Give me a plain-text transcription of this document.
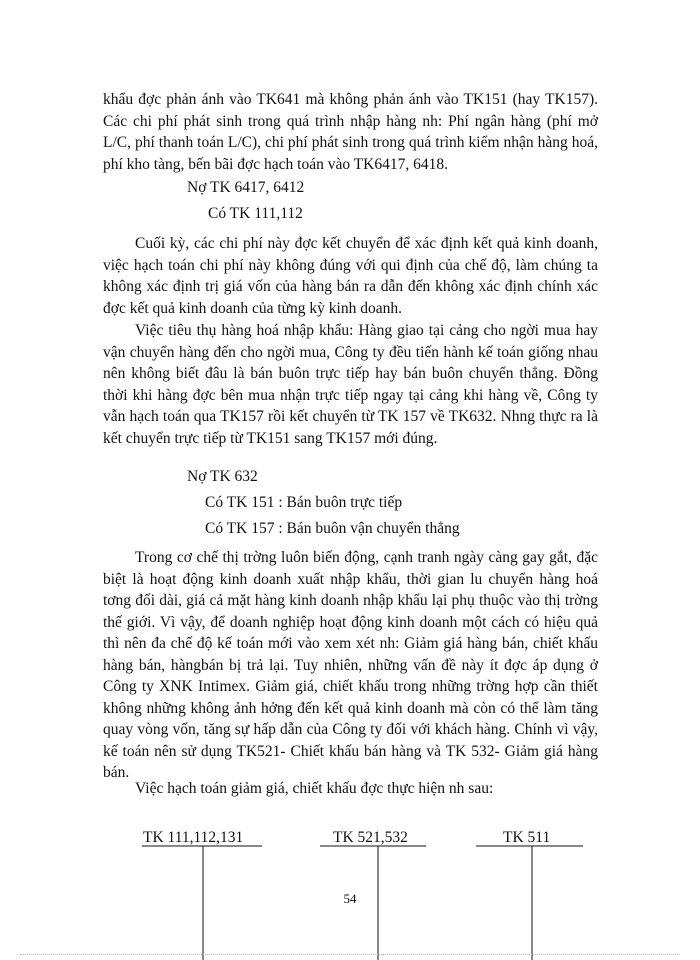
khẩu đợc phản ánh vào TK641 mà không phản ánh vào TK151 (hay TK157). Các chi phí phát sinh trong quá trình nhập hàng nh: Phí ngân hàng (phí mở L/C, phí thanh toán L/C), chi phí phát sinh trong quá trình kiểm nhận hàng hoá, phí kho tàng, bến bãi đợc hạch toán vào TK6417, 6418.

Nợ TK 6417, 6412

Có TK 111,112

Cuối kỳ, các chi phí này đợc kết chuyển để xác định kết quả kinh doanh, việc hạch toán chi phí này không đúng với qui định của chế độ, làm chúng ta không xác định trị giá vốn của hàng bán ra dẫn đến không xác định chính xác đợc kết quả kinh doanh của từng kỳ kinh doanh.

Việc tiêu thụ hàng hoá nhập khẩu: Hàng giao tại cảng cho ngời mua hay vận chuyển hàng đến cho ngời mua, Công ty đều tiến hành kế toán giống nhau nên không biết đâu là bán buôn trực tiếp hay bán buôn chuyển thẳng. Đồng thời khi hàng đợc bên mua nhận trực tiếp ngay tại cảng khi hàng về, Công ty vẫn hạch toán qua TK157 rồi kết chuyển từ TK 157 về TK632. Nhng thực ra là kết chuyển trực tiếp từ TK151 sang TK157 mới đúng.

Nợ TK 632

Có TK 151 : Bán buôn trực tiếp

Có TK 157 : Bán buôn vận chuyển thẳng

Trong cơ chế thị trờng luôn biến động, cạnh tranh ngày càng gay gắt, đặc biệt là hoạt động kinh doanh xuất nhập khẩu, thời gian lu chuyển hàng hoá tơng đối dài, giá cả mặt hàng kinh doanh nhập khẩu lại phụ thuộc vào thị trờng thế giới. Vì vậy, để doanh nghiệp hoạt động kinh doanh một cách có hiệu quả thì nên đa chế độ kế toán mới vào xem xét nh: Giảm giá hàng bán, chiết khấu hàng bán, hàngbán bị trả lại. Tuy nhiên, những vấn đề này ít đợc áp dụng ở Công ty XNK Intimex. Giảm giá, chiết khấu trong những trờng hợp cần thiết không những không ảnh hởng đến kết quả kinh doanh mà còn có thể làm tăng quay vòng vốn, tăng sự hấp dẫn của Công ty đối với khách hàng. Chính vì vậy, kế toán nên sử dụng TK521- Chiết khấu bán hàng và TK 532- Giảm giá hàng bán.

Việc hạch toán giảm giá, chiết khấu đợc thực hiện nh sau:

TK 111,112,131	TK 521,532	TK 511
54
